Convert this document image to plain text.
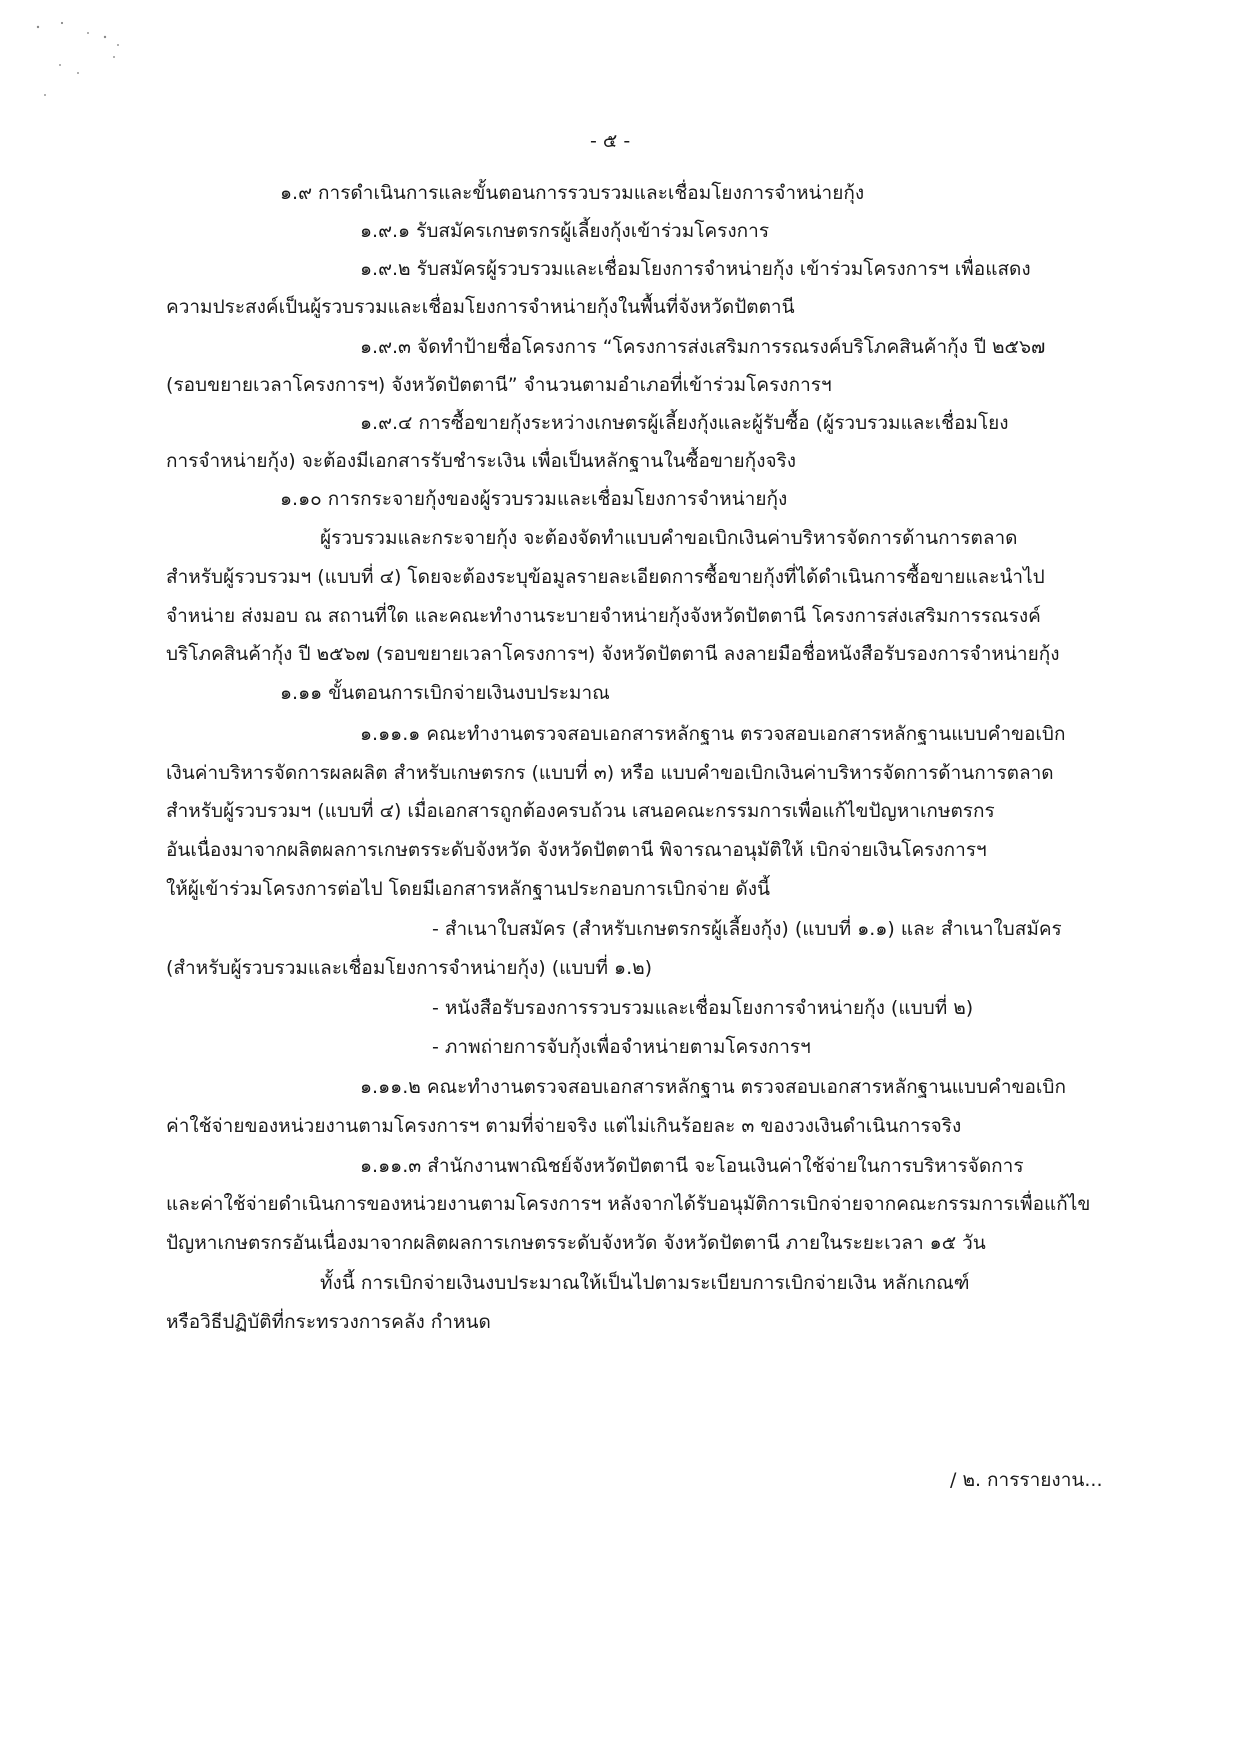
- ๕ -
๑.๙ การดำเนินการและขั้นตอนการรวบรวมและเชื่อมโยงการจำหน่ายกุ้ง
๑.๙.๑ รับสมัครเกษตรกรผู้เลี้ยงกุ้งเข้าร่วมโครงการ
๑.๙.๒ รับสมัครผู้รวบรวมและเชื่อมโยงการจำหน่ายกุ้ง เข้าร่วมโครงการฯ เพื่อแสดง
ความประสงค์เป็นผู้รวบรวมและเชื่อมโยงการจำหน่ายกุ้งในพื้นที่จังหวัดปัตตานี
๑.๙.๓ จัดทำป้ายชื่อโครงการ “โครงการส่งเสริมการรณรงค์บริโภคสินค้ากุ้ง ปี ๒๕๖๗
(รอบขยายเวลาโครงการฯ) จังหวัดปัตตานี” จำนวนตามอำเภอที่เข้าร่วมโครงการฯ
๑.๙.๔ การซื้อขายกุ้งระหว่างเกษตรผู้เลี้ยงกุ้งและผู้รับซื้อ (ผู้รวบรวมและเชื่อมโยง
การจำหน่ายกุ้ง) จะต้องมีเอกสารรับชำระเงิน เพื่อเป็นหลักฐานในซื้อขายกุ้งจริง
๑.๑๐ การกระจายกุ้งของผู้รวบรวมและเชื่อมโยงการจำหน่ายกุ้ง
ผู้รวบรวมและกระจายกุ้ง จะต้องจัดทำแบบคำขอเบิกเงินค่าบริหารจัดการด้านการตลาด
สำหรับผู้รวบรวมฯ (แบบที่ ๔) โดยจะต้องระบุข้อมูลรายละเอียดการซื้อขายกุ้งที่ได้ดำเนินการซื้อขายและนำไป
จำหน่าย ส่งมอบ ณ สถานที่ใด และคณะทำงานระบายจำหน่ายกุ้งจังหวัดปัตตานี โครงการส่งเสริมการรณรงค์
บริโภคสินค้ากุ้ง ปี ๒๕๖๗ (รอบขยายเวลาโครงการฯ) จังหวัดปัตตานี ลงลายมือชื่อหนังสือรับรองการจำหน่ายกุ้ง
๑.๑๑ ขั้นตอนการเบิกจ่ายเงินงบประมาณ
๑.๑๑.๑ คณะทำงานตรวจสอบเอกสารหลักฐาน ตรวจสอบเอกสารหลักฐานแบบคำขอเบิก
เงินค่าบริหารจัดการผลผลิต สำหรับเกษตรกร (แบบที่ ๓) หรือ แบบคำขอเบิกเงินค่าบริหารจัดการด้านการตลาด
สำหรับผู้รวบรวมฯ (แบบที่ ๔) เมื่อเอกสารถูกต้องครบถ้วน เสนอคณะกรรมการเพื่อแก้ไขปัญหาเกษตรกร
อันเนื่องมาจากผลิตผลการเกษตรระดับจังหวัด จังหวัดปัตตานี พิจารณาอนุมัติให้ เบิกจ่ายเงินโครงการฯ
ให้ผู้เข้าร่วมโครงการต่อไป โดยมีเอกสารหลักฐานประกอบการเบิกจ่าย ดังนี้
- สำเนาใบสมัคร (สำหรับเกษตรกรผู้เลี้ยงกุ้ง) (แบบที่ ๑.๑) และ สำเนาใบสมัคร
(สำหรับผู้รวบรวมและเชื่อมโยงการจำหน่ายกุ้ง) (แบบที่ ๑.๒)
- หนังสือรับรองการรวบรวมและเชื่อมโยงการจำหน่ายกุ้ง (แบบที่ ๒)
- ภาพถ่ายการจับกุ้งเพื่อจำหน่ายตามโครงการฯ
๑.๑๑.๒ คณะทำงานตรวจสอบเอกสารหลักฐาน ตรวจสอบเอกสารหลักฐานแบบคำขอเบิก
ค่าใช้จ่ายของหน่วยงานตามโครงการฯ ตามที่จ่ายจริง แต่ไม่เกินร้อยละ ๓ ของวงเงินดำเนินการจริง
๑.๑๑.๓ สำนักงานพาณิชย์จังหวัดปัตตานี จะโอนเงินค่าใช้จ่ายในการบริหารจัดการ
และค่าใช้จ่ายดำเนินการของหน่วยงานตามโครงการฯ หลังจากได้รับอนุมัติการเบิกจ่ายจากคณะกรรมการเพื่อแก้ไข
ปัญหาเกษตรกรอันเนื่องมาจากผลิตผลการเกษตรระดับจังหวัด จังหวัดปัตตานี ภายในระยะเวลา ๑๕ วัน
ทั้งนี้ การเบิกจ่ายเงินงบประมาณให้เป็นไปตามระเบียบการเบิกจ่ายเงิน หลักเกณฑ์
หรือวิธีปฏิบัติที่กระทรวงการคลัง กำหนด
/ ๒. การรายงาน...
